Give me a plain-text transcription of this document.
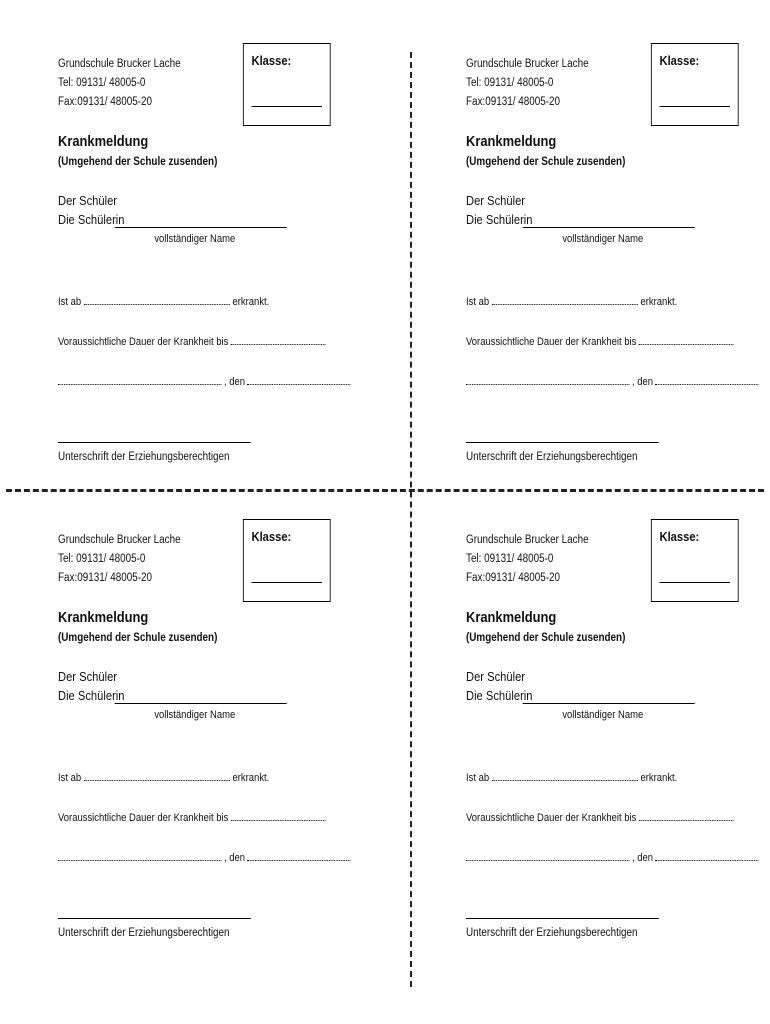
Grundschule Brucker Lache
Tel: 09131/ 48005-0
Fax:09131/ 48005-20
Klasse:
Krankmeldung
(Umgehend der Schule zusenden)
Der Schüler
Die Schülerin
vollständiger Name
Ist ab	erkrankt.
Voraussichtliche Dauer der Krankheit bis
, den
Unterschrift der Erziehungsberechtigen
Grundschule Brucker Lache
Tel: 09131/ 48005-0
Fax:09131/ 48005-20
Klasse:
Krankmeldung
(Umgehend der Schule zusenden)
Der Schüler
Die Schülerin
vollständiger Name
Ist ab	erkrankt.
Voraussichtliche Dauer der Krankheit bis
, den
Unterschrift der Erziehungsberechtigen
Grundschule Brucker Lache
Tel: 09131/ 48005-0
Fax:09131/ 48005-20
Klasse:
Krankmeldung
(Umgehend der Schule zusenden)
Der Schüler
Die Schülerin
vollständiger Name
Ist ab	erkrankt.
Voraussichtliche Dauer der Krankheit bis
, den
Unterschrift der Erziehungsberechtigen
Grundschule Brucker Lache
Tel: 09131/ 48005-0
Fax:09131/ 48005-20
Klasse:
Krankmeldung
(Umgehend der Schule zusenden)
Der Schüler
Die Schülerin
vollständiger Name
Ist ab	erkrankt.
Voraussichtliche Dauer der Krankheit bis
, den
Unterschrift der Erziehungsberechtigen
